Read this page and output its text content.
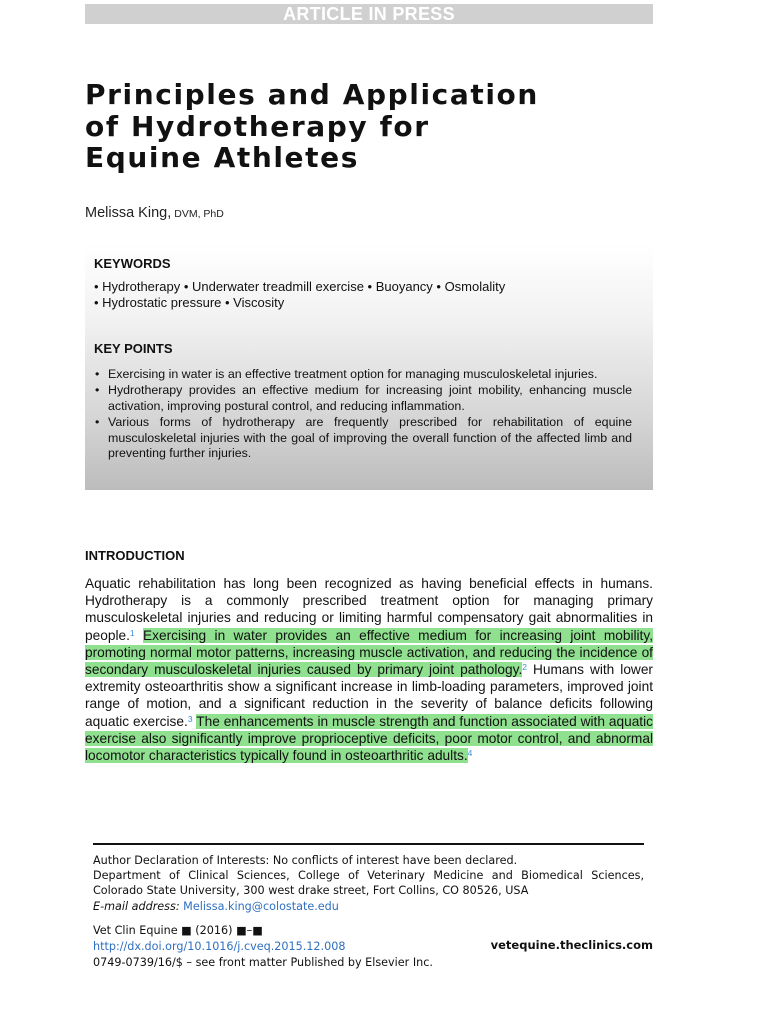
ARTICLE IN PRESS
Principles and Application
of Hydrotherapy for
Equine Athletes
Melissa King, DVM, PhD
KEYWORDS
• Hydrotherapy • Underwater treadmill exercise • Buoyancy • Osmolality
• Hydrostatic pressure • Viscosity
KEY POINTS
• Exercising in water is an effective treatment option for managing musculoskeletal injuries.
• Hydrotherapy provides an effective medium for increasing joint mobility, enhancing muscle activation, improving postural control, and reducing inflammation.
• Various forms of hydrotherapy are frequently prescribed for rehabilitation of equine musculoskeletal injuries with the goal of improving the overall function of the affected limb and preventing further injuries.
INTRODUCTION

Aquatic rehabilitation has long been recognized as having beneficial effects in humans. Hydrotherapy is a commonly prescribed treatment option for managing primary musculoskeletal injuries and reducing or limiting harmful compensatory gait abnormalities in people.$^1$ Exercising in water provides an effective medium for increasing joint mobility, promoting normal motor patterns, increasing muscle activation, and reducing the incidence of secondary musculoskeletal injuries caused by primary joint pathology.$^2$ Humans with lower extremity osteoarthritis show a significant increase in limb-loading parameters, improved joint range of motion, and a significant reduction in the severity of balance deficits following aquatic exercise.$^3$ The enhancements in muscle strength and function associated with aquatic exercise also significantly improve proprioceptive deficits, poor motor control, and abnormal locomotor characteristics typically found in osteoarthritic adults.$^4$

Author Declaration of Interests: No conflicts of interest have been declared.

Department of Clinical Sciences, College of Veterinary Medicine and Biomedical Sciences, Colorado State University, 300 west drake street, Fort Collins, CO 80526, USA

E-mail address: Melissa.king@colostate.edu

Vet Clin Equine ■ (2016) ■–■
http://dx.doi.org/10.1016/j.cveq.2015.12.008
0749-0739/16/$ – see front matter Published by Elsevier Inc.
vetequine.theclinics.com
